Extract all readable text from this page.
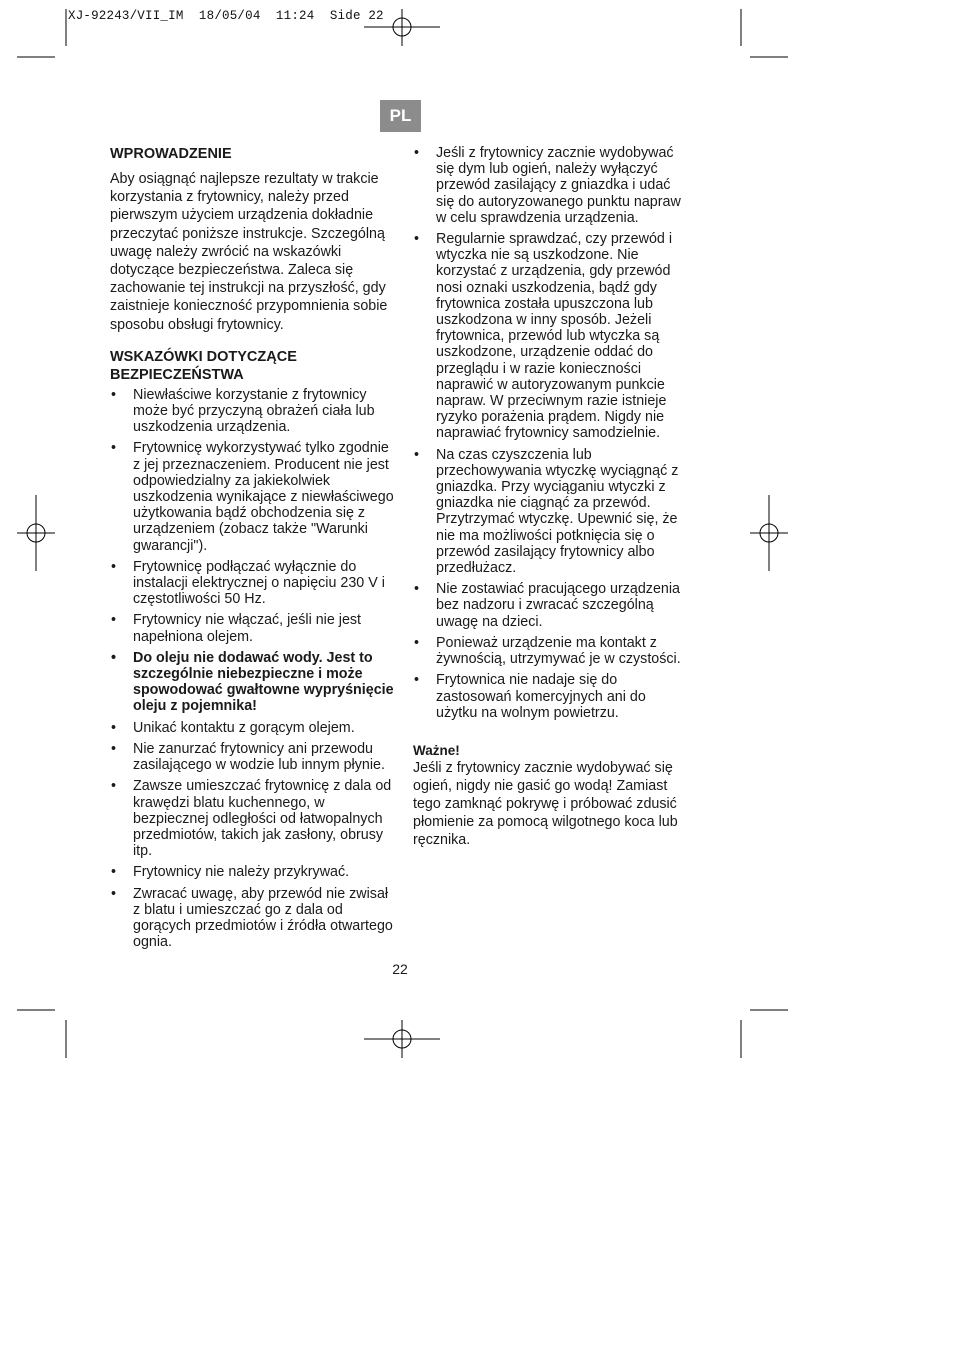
XJ-92243/VII_IM  18/05/04  11:24  Side 22
PL
WPROWADZENIE

Aby osiągnąć najlepsze rezultaty w trakcie korzystania z frytownicy, należy przed pierwszym użyciem urządzenia dokładnie przeczytać poniższe instrukcje. Szczególną uwagę należy zwrócić na wskazówki dotyczące bezpieczeństwa. Zaleca się zachowanie tej instrukcji na przyszłość, gdy zaistnieje konieczność przypomnienia sobie sposobu obsługi frytownicy.

WSKAZÓWKI DOTYCZĄCE
BEZPIECZEŃSTWA
• Niewłaściwe korzystanie z frytownicy może być przyczyną obrażeń ciała lub uszkodzenia urządzenia.
• Frytownicę wykorzystywać tylko zgodnie z jej przeznaczeniem. Producent nie jest odpowiedzialny za jakiekolwiek uszkodzenia wynikające z niewłaściwego użytkowania bądź obchodzenia się z urządzeniem (zobacz także "Warunki gwarancji").
• Frytownicę podłączać wyłącznie do instalacji elektrycznej o napięciu 230 V i częstotliwości 50 Hz.
• Frytownicy nie włączać, jeśli nie jest napełniona olejem.
• Do oleju nie dodawać wody. Jest to szczególnie niebezpieczne i może spowodować gwałtowne wypryśnięcie oleju z pojemnika!
• Unikać kontaktu z gorącym olejem.
• Nie zanurzać frytownicy ani przewodu zasilającego w wodzie lub innym płynie.
• Zawsze umieszczać frytownicę z dala od krawędzi blatu kuchennego, w bezpiecznej odległości od łatwopalnych przedmiotów, takich jak zasłony, obrusy itp.
• Frytownicy nie należy przykrywać.
• Zwracać uwagę, aby przewód nie zwisał z blatu i umieszczać go z dala od gorących przedmiotów i źródła otwartego ognia.
• Jeśli z frytownicy zacznie wydobywać się dym lub ogień, należy wyłączyć przewód zasilający z gniazdka i udać się do autoryzowanego punktu napraw w celu sprawdzenia urządzenia.
• Regularnie sprawdzać, czy przewód i wtyczka nie są uszkodzone. Nie korzystać z urządzenia, gdy przewód nosi oznaki uszkodzenia, bądź gdy frytownica została upuszczona lub uszkodzona w inny sposób. Jeżeli frytownica, przewód lub wtyczka są uszkodzone, urządzenie oddać do przeglądu i w razie konieczności naprawić w autoryzowanym punkcie napraw. W przeciwnym razie istnieje ryzyko porażenia prądem. Nigdy nie naprawiać frytownicy samodzielnie.
• Na czas czyszczenia lub przechowywania wtyczkę wyciągnąć z gniazdka. Przy wyciąganiu wtyczki z gniazdka nie ciągnąć za przewód. Przytrzymać wtyczkę. Upewnić się, że nie ma możliwości potknięcia się o przewód zasilający frytownicy albo przedłużacz.
• Nie zostawiać pracującego urządzenia bez nadzoru i zwracać szczególną uwagę na dzieci.
• Ponieważ urządzenie ma kontakt z żywnością, utrzymywać je w czystości.
• Frytownica nie nadaje się do zastosowań komercyjnych ani do użytku na wolnym powietrzu.
Ważne!

Jeśli z frytownicy zacznie wydobywać się ogień, nigdy nie gasić go wodą! Zamiast tego zamknąć pokrywę i próbować zdusić płomienie za pomocą wilgotnego koca lub ręcznika.

22
